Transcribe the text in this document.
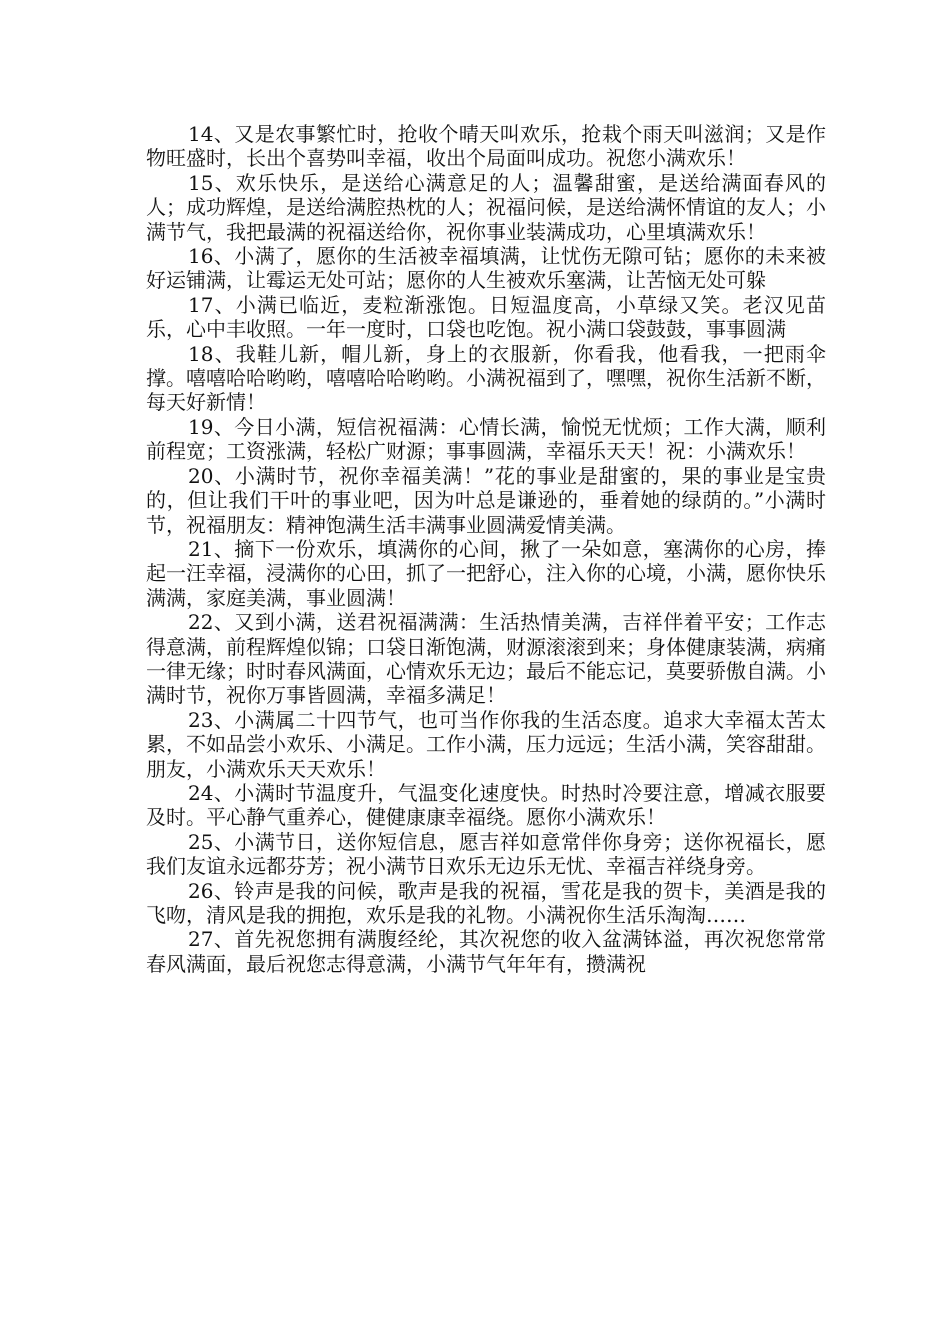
14、又是农事繁忙时，抢收个晴天叫欢乐，抢栽个雨天叫滋润；又是作物旺盛时，长出个喜势叫幸福，收出个局面叫成功。祝您小满欢乐！

15、欢乐快乐，是送给心满意足的人；温馨甜蜜，是送给满面春风的人；成功辉煌，是送给满腔热枕的人；祝福问候，是送给满怀情谊的友人；小满节气，我把最满的祝福送给你，祝你事业装满成功，心里填满欢乐！

16、小满了，愿你的生活被幸福填满，让忧伤无隙可钻；愿你的未来被好运铺满，让霉运无处可站；愿你的人生被欢乐塞满，让苦恼无处可躲

17、小满已临近，麦粒渐涨饱。日短温度高，小草绿又笑。老汉见苗乐，心中丰收照。一年一度时，口袋也吃饱。祝小满口袋鼓鼓，事事圆满

18、我鞋儿新，帽儿新，身上的衣服新，你看我，他看我，一把雨伞撑。嘻嘻哈哈哟哟，嘻嘻哈哈哟哟。小满祝福到了，嘿嘿，祝你生活新不断，每天好新情！

19、今日小满，短信祝福满：心情长满，愉悦无忧烦；工作大满，顺利前程宽；工资涨满，轻松广财源；事事圆满，幸福乐天天！祝：小满欢乐！

20、小满时节，祝你幸福美满！”花的事业是甜蜜的，果的事业是宝贵的，但让我们干叶的事业吧，因为叶总是谦逊的，垂着她的绿荫的。”小满时节，祝福朋友：精神饱满生活丰满事业圆满爱情美满。

21、摘下一份欢乐，填满你的心间，揪了一朵如意，塞满你的心房，捧起一汪幸福，浸满你的心田，抓了一把舒心，注入你的心境，小满，愿你快乐满满，家庭美满，事业圆满！

22、又到小满，送君祝福满满：生活热情美满，吉祥伴着平安；工作志得意满，前程辉煌似锦；口袋日渐饱满，财源滚滚到来；身体健康装满，病痛一律无缘；时时春风满面，心情欢乐无边；最后不能忘记，莫要骄傲自满。小满时节，祝你万事皆圆满，幸福多满足！

23、小满属二十四节气，也可当作你我的生活态度。追求大幸福太苦太累，不如品尝小欢乐、小满足。工作小满，压力远远；生活小满，笑容甜甜。朋友，小满欢乐天天欢乐！

24、小满时节温度升，气温变化速度快。时热时冷要注意，增减衣服要及时。平心静气重养心，健健康康幸福绕。愿你小满欢乐！

25、小满节日，送你短信息，愿吉祥如意常伴你身旁；送你祝福长，愿我们友谊永远都芬芳；祝小满节日欢乐无边乐无忧、幸福吉祥绕身旁。

26、铃声是我的问候，歌声是我的祝福，雪花是我的贺卡，美酒是我的飞吻，清风是我的拥抱，欢乐是我的礼物。小满祝你生活乐淘淘……

27、首先祝您拥有满腹经纶，其次祝您的收入盆满钵溢，再次祝您常常春风满面，最后祝您志得意满，小满节气年年有，攒满祝
